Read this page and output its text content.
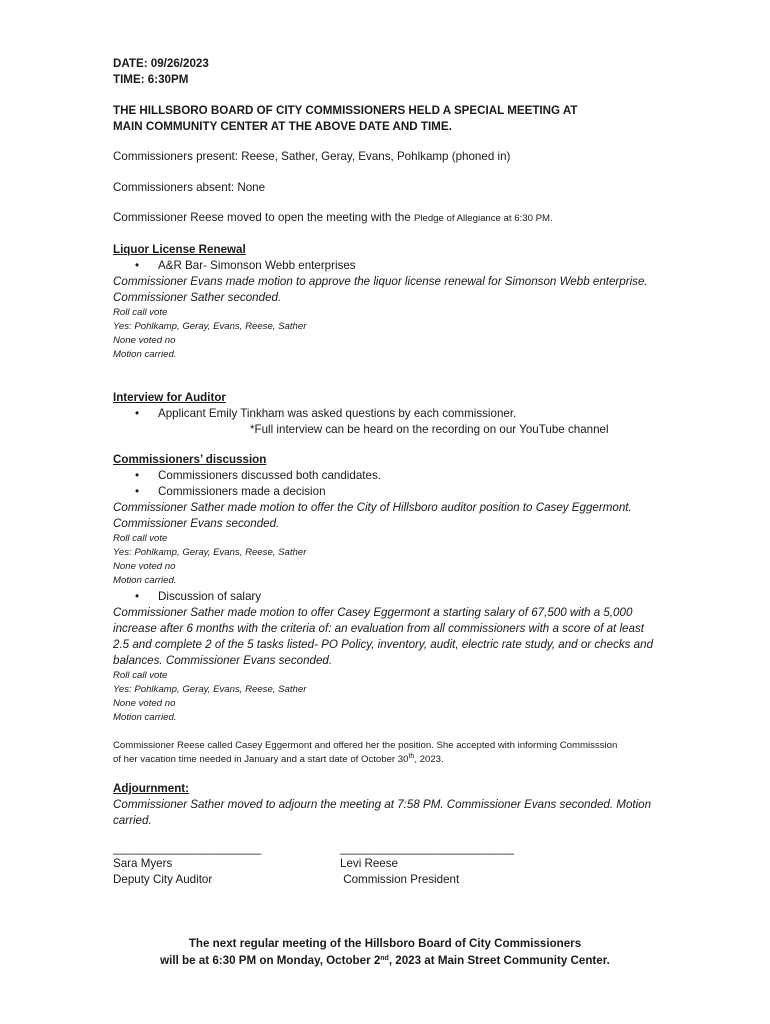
DATE: 09/26/2023
TIME: 6:30PM
THE HILLSBORO BOARD OF CITY COMMISSIONERS HELD A SPECIAL MEETING AT
MAIN COMMUNITY CENTER AT THE ABOVE DATE AND TIME.
Commissioners present: Reese, Sather, Geray, Evans, Pohlkamp (phoned in)
Commissioners absent: None
Commissioner Reese moved to open the meeting with the Pledge of Allegiance at 6:30 PM.
Liquor License Renewal
• A&R Bar- Simonson Webb enterprises
Commissioner Evans made motion to approve the liquor license renewal for Simonson Webb enterprise.
Commissioner Sather seconded.
Roll call vote
Yes: Pohlkamp, Geray, Evans, Reese, Sather
None voted no
Motion carried.
Interview for Auditor
• Applicant Emily Tinkham was asked questions by each commissioner.
*Full interview can be heard on the recording on our YouTube channel
Commissioners’ discussion
• Commissioners discussed both candidates.
• Commissioners made a decision
Commissioner Sather made motion to offer the City of Hillsboro auditor position to Casey Eggermont.
Commissioner Evans seconded.
Roll call vote
Yes: Pohlkamp, Geray, Evans, Reese, Sather
None voted no
Motion carried.
• Discussion of salary
Commissioner Sather made motion to offer Casey Eggermont a starting salary of 67,500 with a 5,000
increase after 6 months with the criteria of: an evaluation from all commissioners with a score of at least
2.5 and complete 2 of the 5 tasks listed- PO Policy, inventory, audit, electric rate study, and or checks and
balances. Commissioner Evans seconded.
Roll call vote
Yes: Pohlkamp, Geray, Evans, Reese, Sather
None voted no
Motion carried.
Commissioner Reese called Casey Eggermont and offered her the position. She accepted with informing Commisssion
of her vacation time needed in January and a start date of October 30th, 2023.
Adjournment:
Commissioner Sather moved to adjourn the meeting at 7:58 PM. Commissioner Evans seconded. Motion
carried.
_______________________	___________________________
Sara Myers	Levi Reese
Deputy City Auditor	Commission President
The next regular meeting of the Hillsboro Board of City Commissioners
will be at 6:30 PM on Monday, October 2nd, 2023 at Main Street Community Center.
